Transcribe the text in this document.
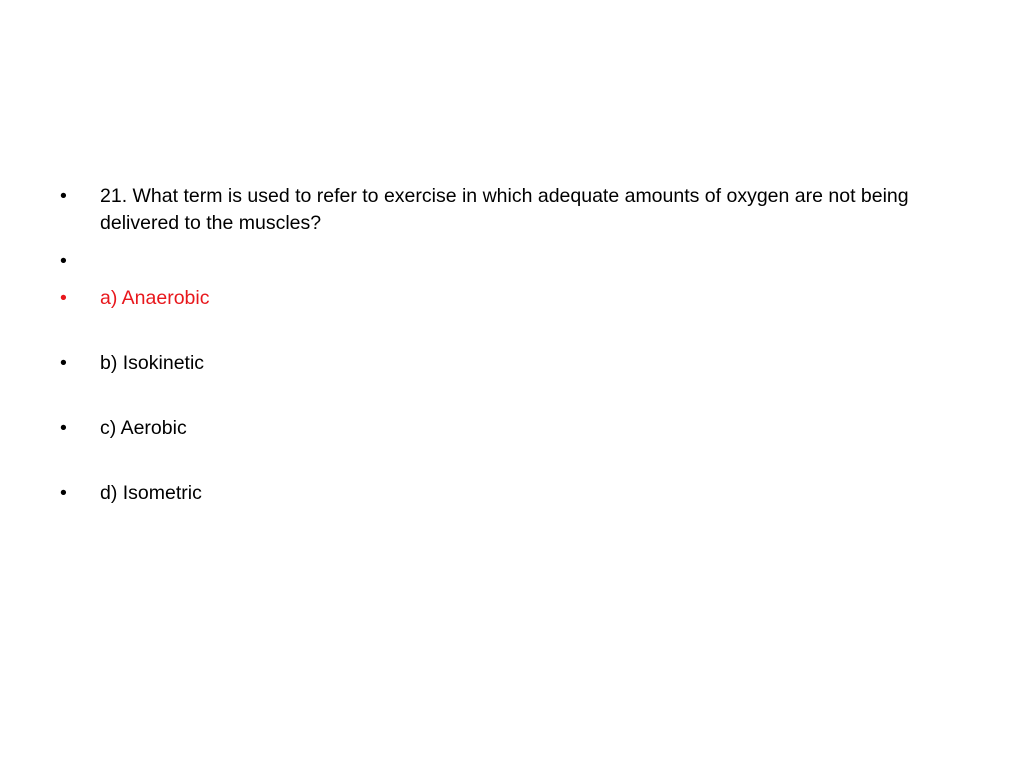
•	21. What term is used to refer to exercise in which adequate amounts of oxygen are not being delivered to the muscles?
•
•	a) Anaerobic
•	b) Isokinetic
•	c) Aerobic
•	d) Isometric
